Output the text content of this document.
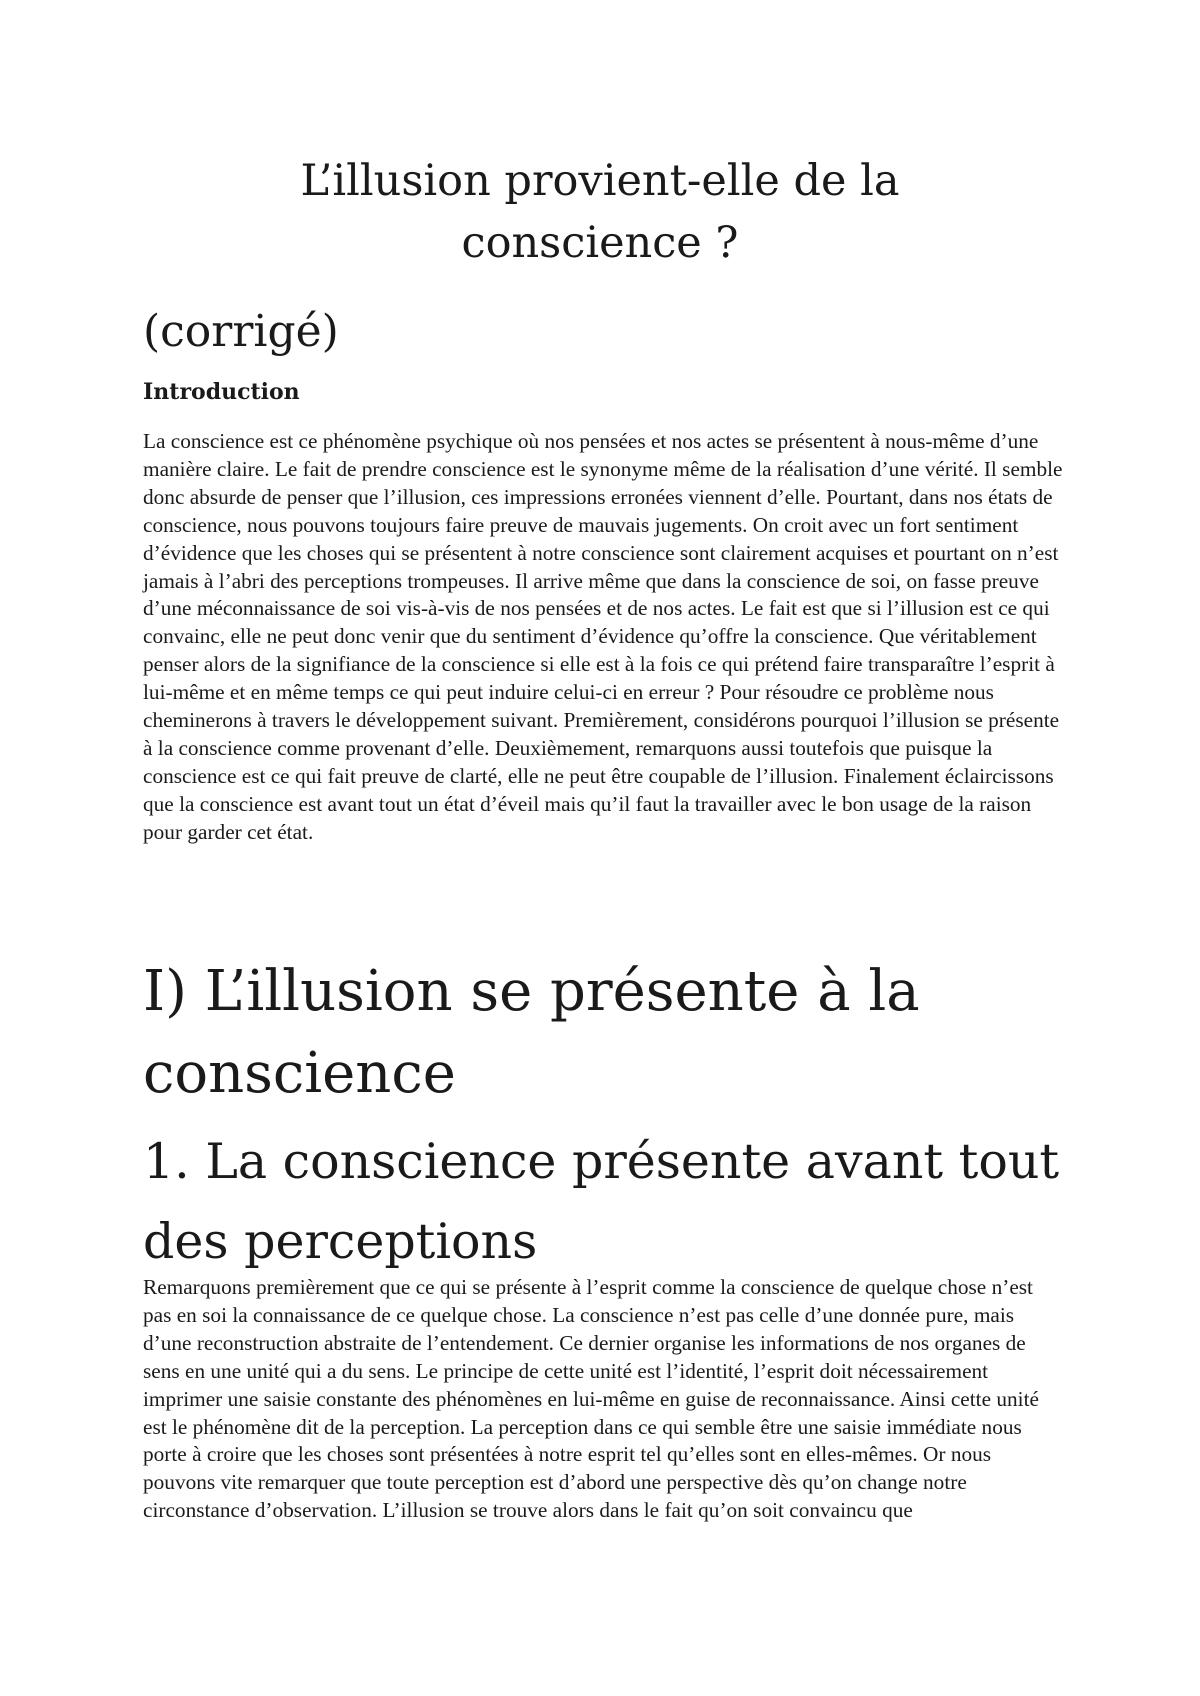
L’illusion provient-elle de la conscience ?
(corrigé)
Introduction

La conscience est ce phénomène psychique où nos pensées et nos actes se présentent à nous-même d’une manière claire. Le fait de prendre conscience est le synonyme même de la réalisation d’une vérité. Il semble donc absurde de penser que l’illusion, ces impressions erronées viennent d’elle. Pourtant, dans nos états de conscience, nous pouvons toujours faire preuve de mauvais jugements. On croit avec un fort sentiment d’évidence que les choses qui se présentent à notre conscience sont clairement acquises et pourtant on n’est jamais à l’abri des perceptions trompeuses. Il arrive même que dans la conscience de soi, on fasse preuve d’une méconnaissance de soi vis-à-vis de nos pensées et de nos actes. Le fait est que si l’illusion est ce qui convainc, elle ne peut donc venir que du sentiment d’évidence qu’offre la conscience. Que véritablement penser alors de la signifiance de la conscience si elle est à la fois ce qui prétend faire transparaître l’esprit à lui-même et en même temps ce qui peut induire celui-ci en erreur ? Pour résoudre ce problème nous cheminerons à travers le développement suivant. Premièrement, considérons pourquoi l’illusion se présente à la conscience comme provenant d’elle. Deuxièmement, remarquons aussi toutefois que puisque la conscience est ce qui fait preuve de clarté, elle ne peut être coupable de l’illusion. Finalement éclaircissons que la conscience est avant tout un état d’éveil mais qu’il faut la travailler avec le bon usage de la raison pour garder cet état.

I) L’illusion se présente à la conscience
1. La conscience présente avant tout des perceptions

Remarquons premièrement que ce qui se présente à l’esprit comme la conscience de quelque chose n’est pas en soi la connaissance de ce quelque chose. La conscience n’est pas celle d’une donnée pure, mais d’une reconstruction abstraite de l’entendement. Ce dernier organise les informations de nos organes de sens en une unité qui a du sens. Le principe de cette unité est l’identité, l’esprit doit nécessairement imprimer une saisie constante des phénomènes en lui-même en guise de reconnaissance. Ainsi cette unité est le phénomène dit de la perception. La perception dans ce qui semble être une saisie immédiate nous porte à croire que les choses sont présentées à notre esprit tel qu’elles sont en elles-mêmes. Or nous pouvons vite remarquer que toute perception est d’abord une perspective dès qu’on change notre circonstance d’observation. L’illusion se trouve alors dans le fait qu’on soit convaincu que
